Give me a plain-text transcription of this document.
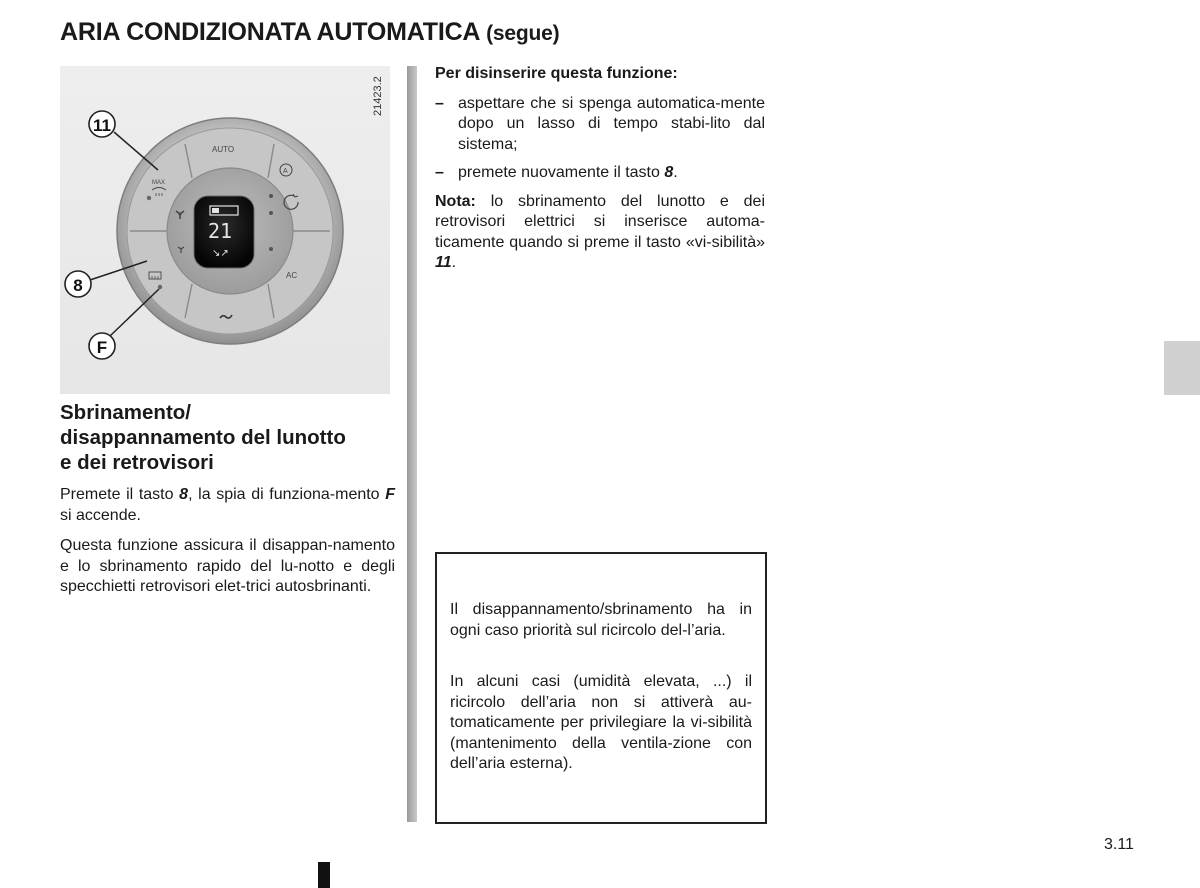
ARIA CONDIZIONATA AUTOMATICA (segue)
21
↘↗
AUTO
AC
MAX
A
11
8
F
21423.2
Sbrinamento/
disappannamento del lunotto
e dei retrovisori

Premete il tasto 8, la spia di funziona-mento F si accende.

Questa funzione assicura il disappan-namento e lo sbrinamento rapido del lu-notto e degli specchietti retrovisori elet-trici autosbrinanti.

Per disinserire questa funzione:

– aspettare che si spenga automatica-mente dopo un lasso di tempo stabi-lito dal sistema;
– premete nuovamente il tasto 8.

Nota: lo sbrinamento del lunotto e dei retrovisori elettrici si inserisce automa-ticamente quando si preme il tasto «vi-sibilità» 11.

Il disappannamento/sbrinamento ha in ogni caso priorità sul ricircolo del-l’aria.

In alcuni casi (umidità elevata, ...) il ricircolo dell’aria non si attiverà au-tomaticamente per privilegiare la vi-sibilità (mantenimento della ventila-zione con dell’aria esterna).

3.11
